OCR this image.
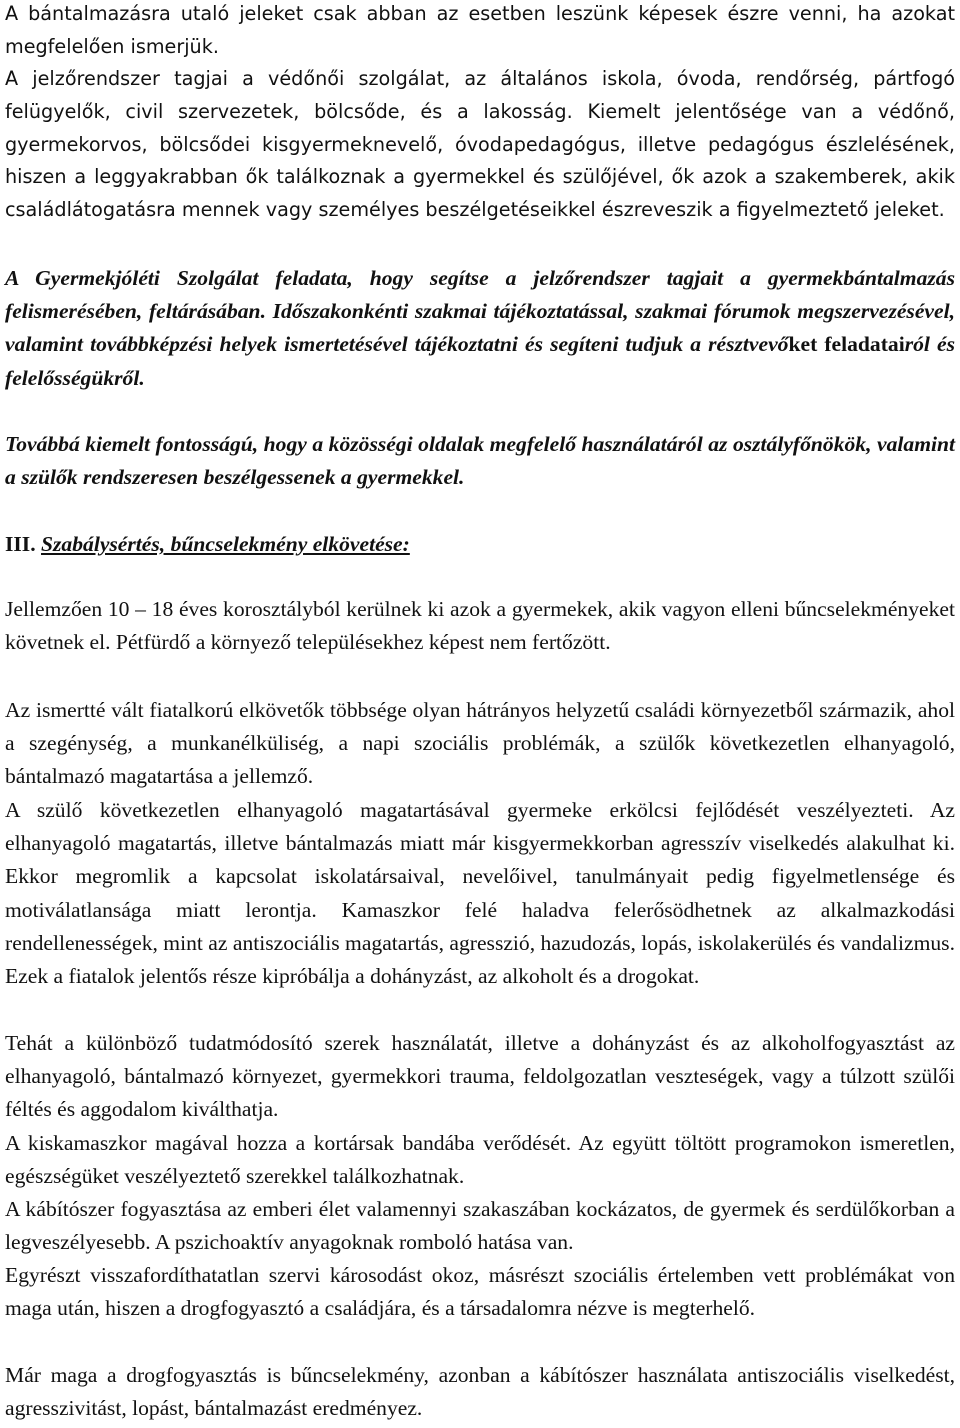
A bántalmazásra utaló jeleket csak abban az esetben leszünk képesek észre venni, ha azokat megfelelően ismerjük.

A jelzőrendszer tagjai a védőnői szolgálat, az általános iskola, óvoda, rendőrség, pártfogó felügyelők, civil szervezetek, bölcsőde, és a lakosság. Kiemelt jelentősége van a védőnő, gyermekorvos, bölcsődei kisgyermeknevelő, óvodapedagógus, illetve pedagógus észlelésének, hiszen a leggyakrabban ők találkoznak a gyermekkel és szülőjével, ők azok a szakemberek, akik családlátogatásra mennek vagy személyes beszélgetéseikkel észreveszik a figyelmeztető jeleket.

A Gyermekjóléti Szolgálat feladata, hogy segítse a jelzőrendszer tagjait a gyermekbántalmazás felismerésében, feltárásában. Időszakonkénti szakmai tájékoztatással, szakmai fórumok megszervezésével, valamint továbbképzési helyek ismertetésével tájékoztatni és segíteni tudjuk a résztvevőket feladatairól és felelősségükről.

Továbbá kiemelt fontosságú, hogy a közösségi oldalak megfelelő használatáról az osztályfőnökök, valamint a szülők rendszeresen beszélgessenek a gyermekkel.

III. Szabálysértés, bűncselekmény elkövetése:

Jellemzően 10 – 18 éves korosztályból kerülnek ki azok a gyermekek, akik vagyon elleni bűncselekményeket követnek el. Pétfürdő a környező településekhez képest nem fertőzött.

Az ismertté vált fiatalkorú elkövetők többsége olyan hátrányos helyzetű családi környezetből származik, ahol a szegénység, a munkanélküliség, a napi szociális problémák, a szülők következetlen elhanyagoló, bántalmazó magatartása a jellemző.

A szülő következetlen elhanyagoló magatartásával gyermeke erkölcsi fejlődését veszélyezteti. Az elhanyagoló magatartás, illetve bántalmazás miatt már kisgyermekkorban agresszív viselkedés alakulhat ki. Ekkor megromlik a kapcsolat iskolatársaival, nevelőivel, tanulmányait pedig figyelmetlensége és motiválatlansága miatt lerontja. Kamaszkor felé haladva felerősödhetnek az alkalmazkodási rendellenességek, mint az antiszociális magatartás, agresszió, hazudozás, lopás, iskolakerülés és vandalizmus. Ezek a fiatalok jelentős része kipróbálja a dohányzást, az alkoholt és a drogokat.

Tehát a különböző tudatmódosító szerek használatát, illetve a dohányzást és az alkoholfogyasztást az elhanyagoló, bántalmazó környezet, gyermekkori trauma, feldolgozatlan veszteségek, vagy a túlzott szülői féltés és aggodalom kiválthatja.

A kiskamaszkor magával hozza a kortársak bandába verődését. Az együtt töltött programokon ismeretlen, egészségüket veszélyeztető szerekkel találkozhatnak.

A kábítószer fogyasztása az emberi élet valamennyi szakaszában kockázatos, de gyermek és serdülőkorban a legveszélyesebb. A pszichoaktív anyagoknak romboló hatása van.

Egyrészt visszafordíthatatlan szervi károsodást okoz, másrészt szociális értelemben vett problémákat von maga után, hiszen a drogfogyasztó a családjára, és a társadalomra nézve is megterhelő.

Már maga a drogfogyasztás is bűncselekmény, azonban a kábítószer használata antiszociális viselkedést, agresszivitást, lopást, bántalmazást eredményez.
